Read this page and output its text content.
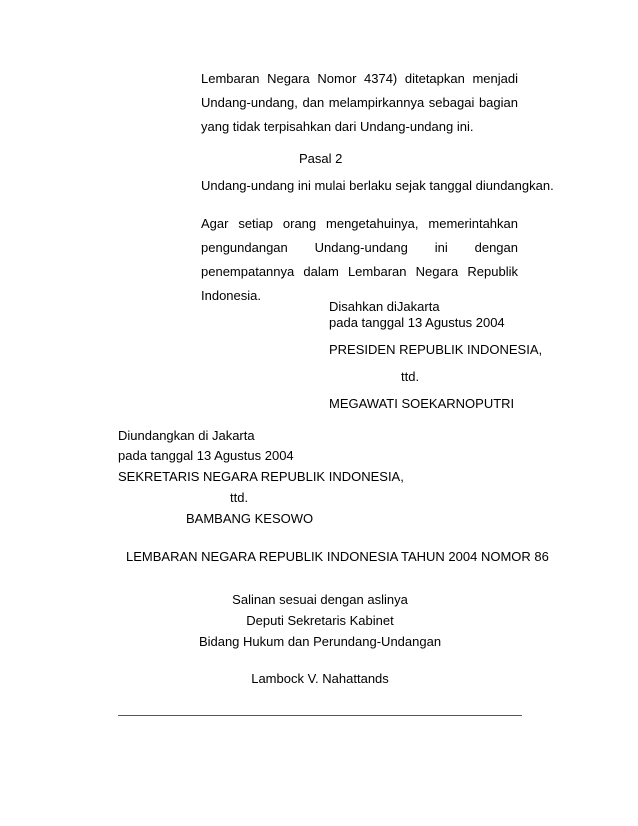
Lembaran Negara Nomor 4374) ditetapkan menjadi Undang-undang, dan melampirkannya sebagai bagian yang tidak terpisahkan dari Undang-undang ini.

Pasal 2

Undang-undang ini mulai berlaku sejak tanggal diundangkan.

Agar setiap orang mengetahuinya, memerintahkan pengundangan Undang-undang ini dengan penempatannya dalam Lembaran Negara Republik Indonesia.

Disahkan diJakarta

pada tanggal 13 Agustus 2004

PRESIDEN REPUBLIK INDONESIA,

ttd.

MEGAWATI SOEKARNOPUTRI

Diundangkan di Jakarta

pada tanggal 13 Agustus 2004

SEKRETARIS NEGARA REPUBLIK INDONESIA,

ttd.

BAMBANG KESOWO

LEMBARAN NEGARA REPUBLIK INDONESIA TAHUN 2004 NOMOR 86

Salinan sesuai dengan aslinya

Deputi Sekretaris Kabinet

Bidang Hukum dan Perundang-Undangan

Lambock V. Nahattands
